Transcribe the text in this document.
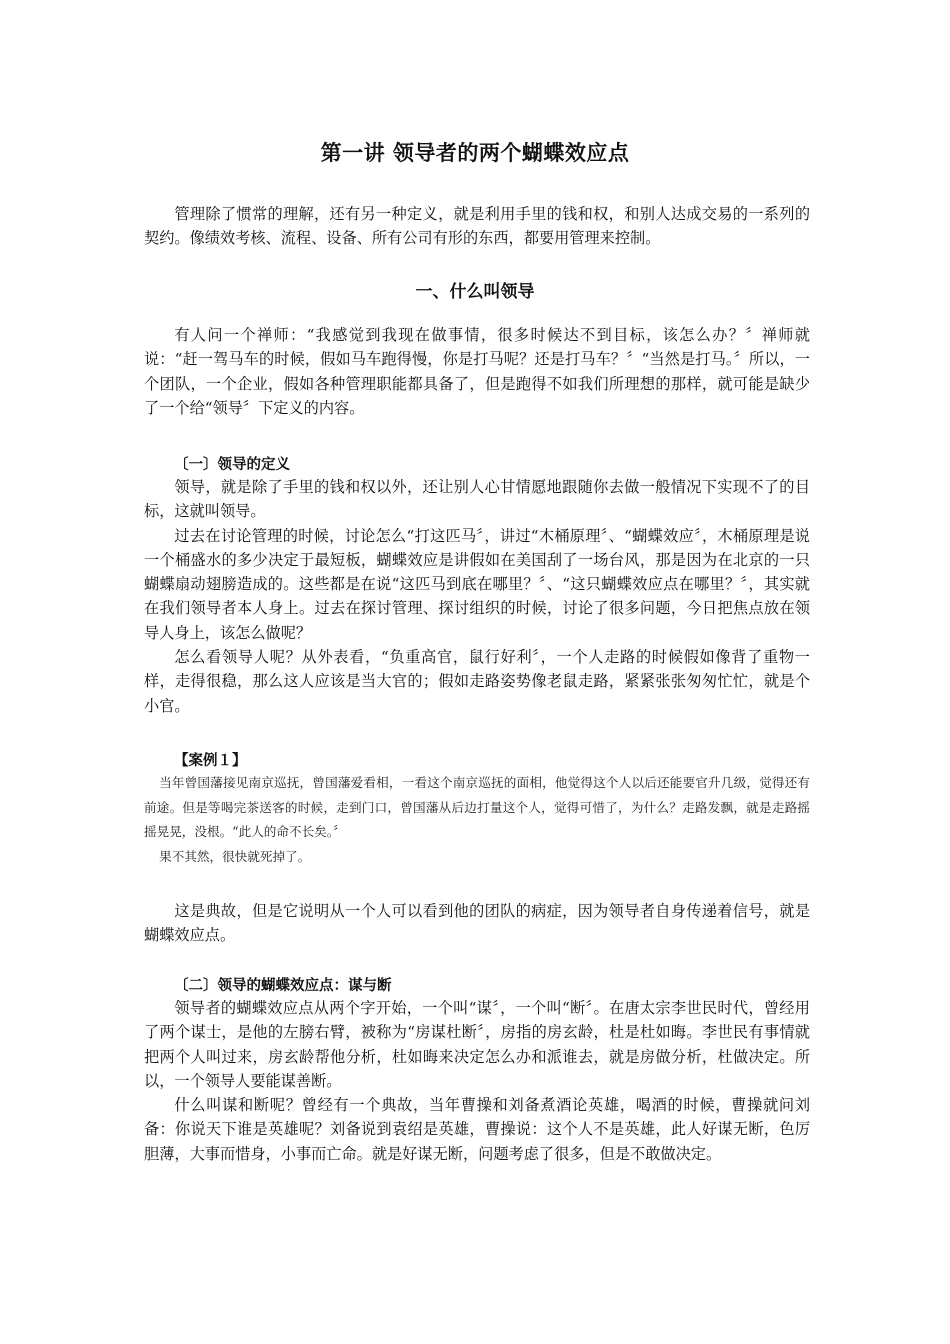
第一讲 领导者的两个蝴蝶效应点

管理除了惯常的理解，还有另一种定义，就是利用手里的钱和权，和别人达成交易的一系列的契约。像绩效考核、流程、设备、所有公司有形的东西，都要用管理来控制。

一、什么叫领导

有人问一个禅师：“我感觉到我现在做事情，很多时候达不到目标，该怎么办？〞禅师就说：“赶一驾马车的时候，假如马车跑得慢，你是打马呢？还是打马车？〞“当然是打马。〞所以，一个团队，一个企业，假如各种管理职能都具备了，但是跑得不如我们所理想的那样，就可能是缺少了一个给“领导〞下定义的内容。

〔一〕领导的定义

领导，就是除了手里的钱和权以外，还让别人心甘情愿地跟随你去做一般情况下实现不了的目标，这就叫领导。

过去在讨论管理的时候，讨论怎么“打这匹马〞，讲过“木桶原理〞、“蝴蝶效应〞，木桶原理是说一个桶盛水的多少决定于最短板，蝴蝶效应是讲假如在美国刮了一场台风，那是因为在北京的一只蝴蝶扇动翅膀造成的。这些都是在说“这匹马到底在哪里？〞、“这只蝴蝶效应点在哪里？〞，其实就在我们领导者本人身上。过去在探讨管理、探讨组织的时候，讨论了很多问题，今日把焦点放在领导人身上，该怎么做呢？

怎么看领导人呢？从外表看，“负重高官，鼠行好利〞，一个人走路的时候假如像背了重物一样，走得很稳，那么这人应该是当大官的；假如走路姿势像老鼠走路，紧紧张张匆匆忙忙，就是个小官。

【案例１】

当年曾国藩接见南京巡抚，曾国藩爱看相，一看这个南京巡抚的面相，他觉得这个人以后还能要官升几级，觉得还有前途。但是等喝完茶送客的时候，走到门口，曾国藩从后边打量这个人，觉得可惜了，为什么？走路发飘，就是走路摇摇晃晃，没根。“此人的命不长矣。〞

果不其然，很快就死掉了。

这是典故，但是它说明从一个人可以看到他的团队的病症，因为领导者自身传递着信号，就是蝴蝶效应点。

〔二〕领导的蝴蝶效应点：谋与断

领导者的蝴蝶效应点从两个字开始，一个叫“谋〞，一个叫“断〞。在唐太宗李世民时代，曾经用了两个谋士，是他的左膀右臂，被称为“房谋杜断〞，房指的房玄龄，杜是杜如晦。李世民有事情就把两个人叫过来，房玄龄帮他分析，杜如晦来决定怎么办和派谁去，就是房做分析，杜做决定。所以，一个领导人要能谋善断。

什么叫谋和断呢？曾经有一个典故，当年曹操和刘备煮酒论英雄，喝酒的时候，曹操就问刘备：你说天下谁是英雄呢？刘备说到袁绍是英雄，曹操说：这个人不是英雄，此人好谋无断，色厉胆薄，大事而惜身，小事而亡命。就是好谋无断，问题考虑了很多，但是不敢做决定。
